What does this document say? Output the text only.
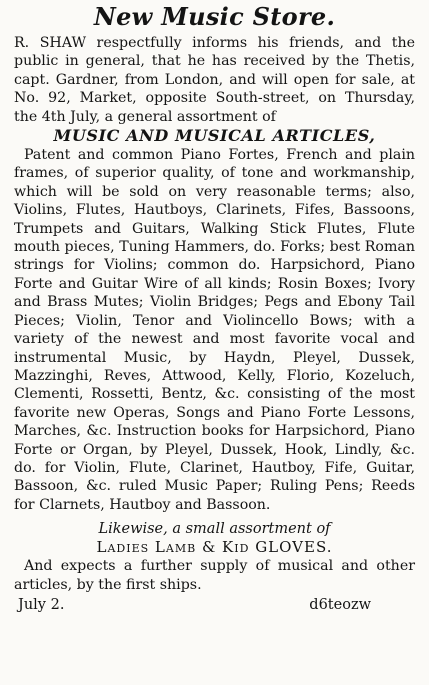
New Music Store.

R. SHAW respectfully informs his friends, and the public in general, that he has received by the Thetis, capt. Gardner, from London, and will open for sale, at No. 92, Market, opposite South-street, on Thursday, the 4th July, a general assortment of

MUSIC AND MUSICAL ARTICLES,

Patent and common Piano Fortes, French and plain frames, of superior quality, of tone and workmanship, which will be sold on very reasonable terms; also, Violins, Flutes, Hautboys, Clarinets, Fifes, Bassoons, Trumpets and Guitars, Walking Stick Flutes, Flute mouth pieces, Tuning Hammers, do. Forks; best Roman strings for Violins; common do. Harpsichord, Piano Forte and Guitar Wire of all kinds; Rosin Boxes; Ivory and Brass Mutes; Violin Bridges; Pegs and Ebony Tail Pieces; Violin, Tenor and Violincello Bows; with a variety of the newest and most favorite vocal and instrumental Music, by Haydn, Pleyel, Dussek, Mazzinghi, Reves, Attwood, Kelly, Florio, Kozeluch, Clementi, Rossetti, Bentz, &c. consisting of the most favorite new Operas, Songs and Piano Forte Lessons, Marches, &c. Instruction books for Harpsichord, Piano Forte or Organ, by Pleyel, Dussek, Hook, Lindly, &c. do. for Violin, Flute, Clarinet, Hautboy, Fife, Guitar, Bassoon, &c. ruled Music Paper; Ruling Pens; Reeds for Clarnets, Hautboy and Bassoon.

Likewise, a small assortment of

Ladies Lamb & Kid GLOVES.

And expects a further supply of musical and other articles, by the first ships.

July 2.	d6teozw
